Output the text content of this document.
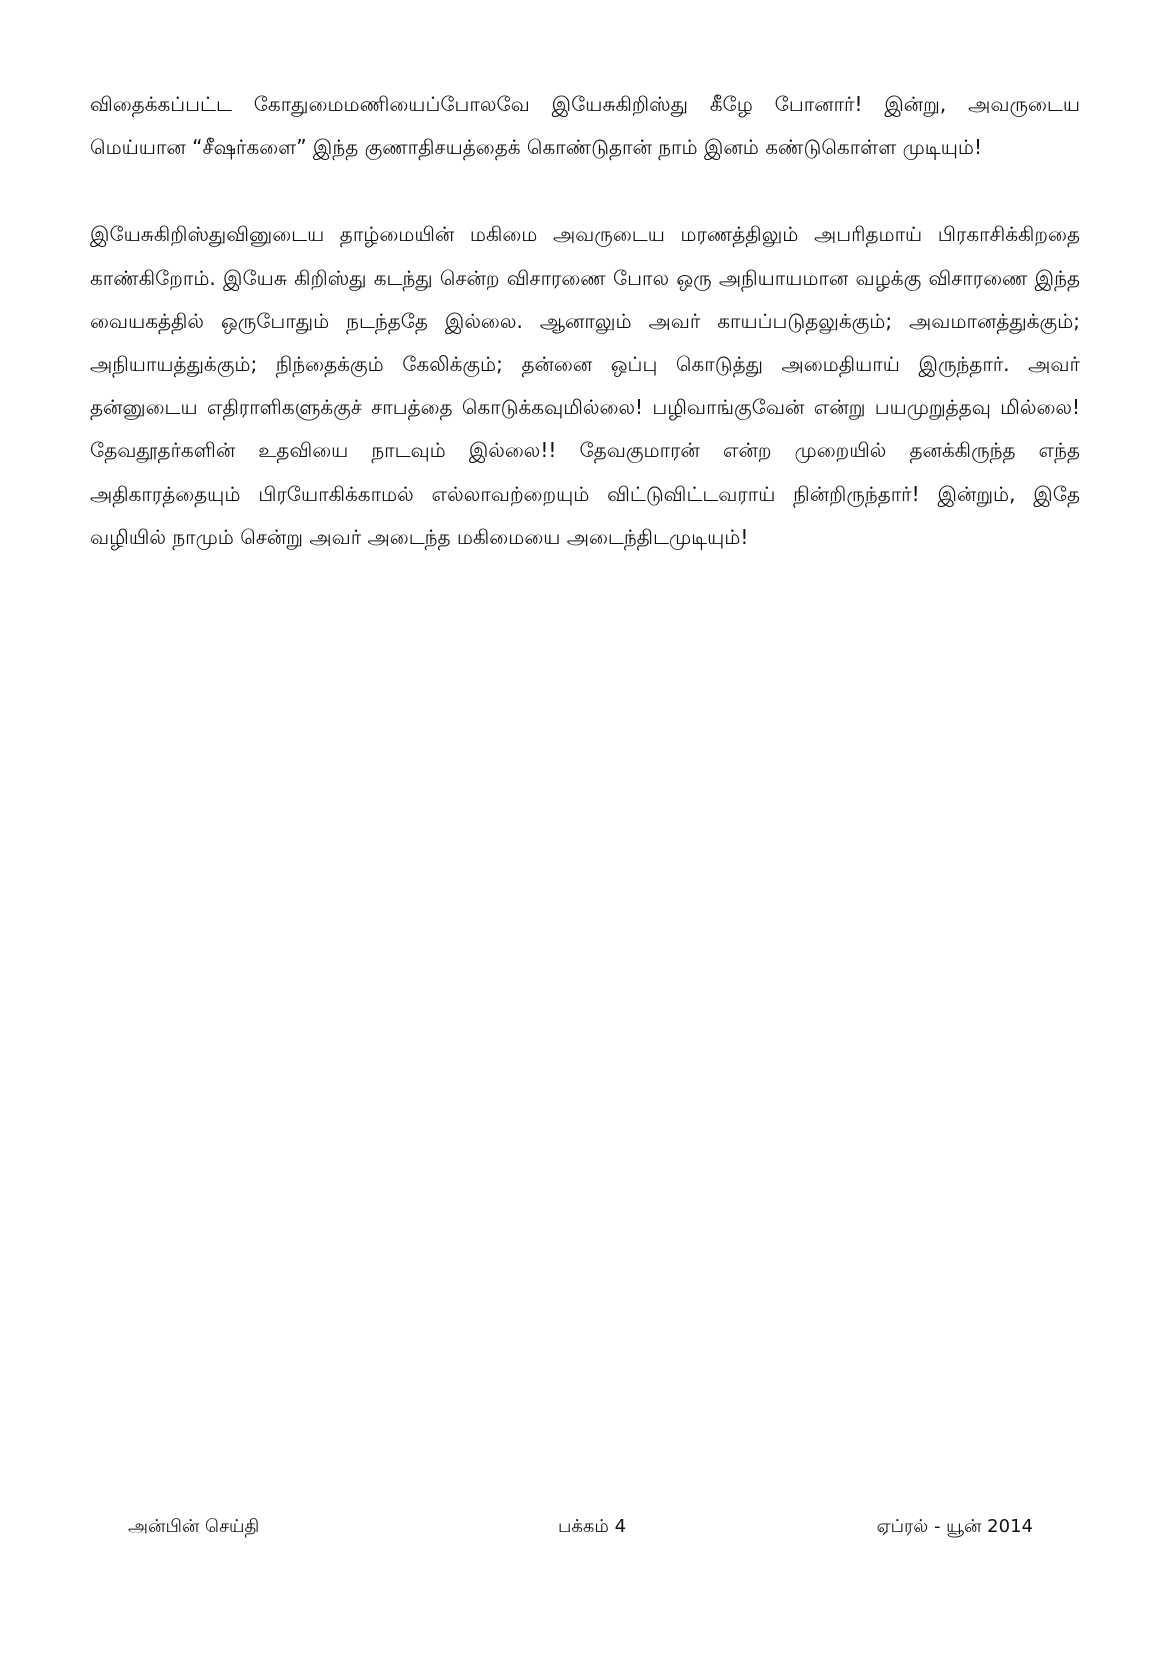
விதைக்கப்பட்ட கோதுமைமணியைப்போலவே இயேசுகிறிஸ்து கீழே போனார்! இன்று, அவருடைய மெய்யான “சீஷர்களை” இந்த குணாதிசயத்தைக் கொண்டுதான் நாம் இனம் கண்டுகொள்ள முடியும்!

இயேசுகிறிஸ்துவினுடைய தாழ்மையின் மகிமை அவருடைய மரணத்திலும் அபரிதமாய் பிரகாசிக்கிறதை காண்கிறோம். இயேசு கிறிஸ்து கடந்து சென்ற விசாரணை போல ஒரு அநியாயமான வழக்கு விசாரணை இந்த வையகத்தில் ஒருபோதும் நடந்ததே இல்லை. ஆனாலும் அவர் காயப்படுதலுக்கும்; அவமானத்துக்கும்; அநியாயத்துக்கும்; நிந்தைக்கும் கேலிக்கும்; தன்னை ஒப்பு கொடுத்து அமைதியாய் இருந்தார். அவர் தன்னுடைய எதிராளிகளுக்குச் சாபத்தை கொடுக்கவுமில்லை! பழிவாங்குவேன் என்று பயமுறுத்தவு மில்லை! தேவதூதர்களின் உதவியை நாடவும் இல்லை!! தேவகுமாரன் என்ற முறையில் தனக்கிருந்த எந்த அதிகாரத்தையும் பிரயோகிக்காமல் எல்லாவற்றையும் விட்டுவிட்டவராய் நின்றிருந்தார்! இன்றும், இதே வழியில் நாமும் சென்று அவர் அடைந்த மகிமையை அடைந்திடமுடியும்!

அன்பின் செய்தி	பக்கம் 4	ஏப்ரல் - யூன் 2014
